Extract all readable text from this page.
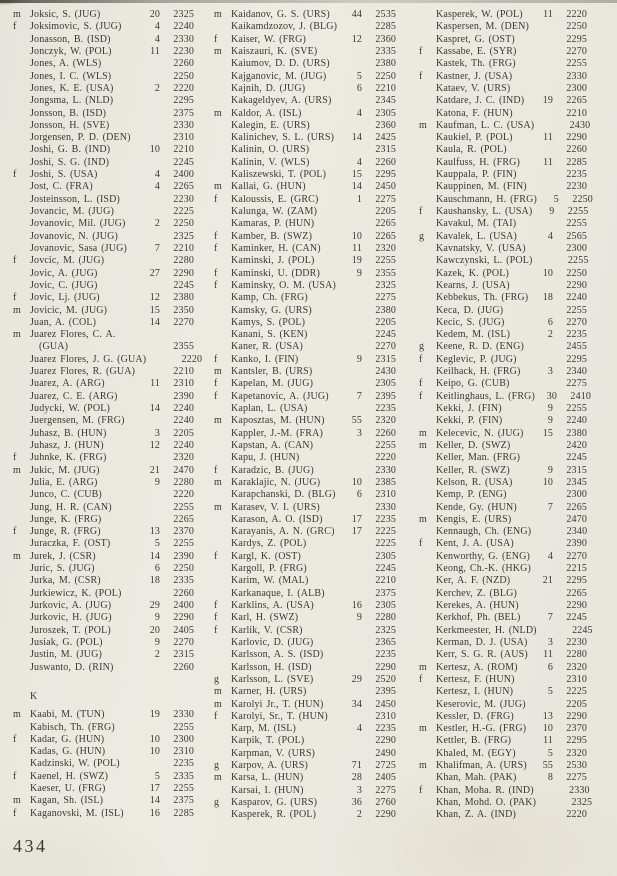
m Joksic, S. (JUG)	20	2325
f	Joksimovic, S. (JUG)	4	2240
Jonasson, B. (ISD)	4	2330
Jonczyk, W. (POL)	11	2230
Jones, A. (WLS)	2260
Jones, I. C. (WLS)	2250
Jones, K. E. (USA)	2	2220
Jongsma, L. (NLD)	2295
Jonsson, B. (ISD)	2375
Jonsson, H. (SVE)	2330
Jorgensen, P. D. (DEN)	2310
Joshi, G. B. (IND)	10	2210
Joshi, S. G. (IND)	2245
f	Joshi, S. (USA)	4	2400
Jost, C. (FRA)	4	2265
Josteinsson, L. (ISD)	2230
Jovancic, M. (JUG)	2225
Jovanovic, Mil. (JUG)	2	2250
Jovanovic, N. (JUG)	2325
Jovanovic, Sasa (JUG)	7	2210
f	Jovcic, M. (JUG)	2280
Jovic, A. (JUG)	27	2290
Jovic, C. (JUG)	2245
f	Jovic, Lj. (JUG)	12	2380
m Jovicic, M. (JUG)	15	2350
Juan, A. (COL)	14	2270
m Juarez Flores, C. A.
(GUA)	2355
Juarez Flores, J. G. (GUA)	2220
Juarez Flores, R. (GUA)	2210
Juarez, A. (ARG)	11	2310
Juarez, C. E. (ARG)	2390
Judycki, W. (POL)	14	2240
Juergensen, M. (FRG)	2240
Juhasz, B. (HUN)	3	2205
Juhasz, J. (HUN)	12	2240
f	Juhnke, K. (FRG)	2320
m Jukic, M. (JUG)	21	2470
Julia, E. (ARG)	9	2280
Junco, C. (CUB)	2220
Jung, H. R. (CAN)	2255
Junge, K. (FRG)	2265
f	Junge, R. (FRG)	13	2370
Juraczka, F. (OST)	5	2255
m Jurek, J. (CSR)	14	2390
Juric, S. (JUG)	6	2250
Jurka, M. (CSR)	18	2335
Jurkiewicz, K. (POL)	2260
Jurkovic, A. (JUG)	29	2400
Jurkovic, H. (JUG)	9	2290
Juroszek, T. (POL)	20	2405
Jusiak, G. (POL)	9	2270
Justin, M. (JUG)	2	2315
Juswanto, D. (RIN)	2260
K
m Kaabi, M. (TUN)	19	2330
Kabisch, Th. (FRG)	2255
f	Kadar, G. (HUN)	10	2300
Kadas, G. (HUN)	10	2310
Kadzinski, W. (POL)	2235
f	Kaenel, H. (SWZ)	5	2335
Kaeser, U. (FRG)	17	2255
m Kagan, Sh. (ISL)	14	2375
f	Kaganovski, M. (ISL)	16	2285
m Kaidanov, G. S. (URS)	44	2535
Kaikamdzozov, J. (BLG)	2285
f	Kaiser, W. (FRG)	12	2360
m Kaiszauri, K. (SVE)	2335
Kaiumov, D. D. (URS)	2380
Kajganovic, M. (JUG)	5	2250
Kajnih, D. (JUG)	6	2210
Kakageldyev, A. (URS)	2345
m Kaldor, A. (ISL)	4	2305
Kalegin, E. (URS)	2360
Kalinichev, S. L. (URS)	14	2425
Kalinin, O. (URS)	2315
Kalinin, V. (WLS)	4	2260
Kaliszewski, T. (POL)	15	2295
m Kallai, G. (HUN)	14	2450
f	Kaloussis, E. (GRC)	1	2275
Kalunga, W. (ZAM)	2205
Kamaras, P. (HUN)	2265
f	Kamber, B. (SWZ)	10	2265
f	Kaminker, H. (CAN)	11	2320
Kaminski, J. (POL)	19	2255
f	Kaminski, U. (DDR)	9	2355
f	Kaminsky, O. M. (USA)	2325
Kamp, Ch. (FRG)	2275
Kamsky, G. (URS)	2380
Kamys, S. (POL)	2205
Kanani, S. (KEN)	2245
Kaner, R. (USA)	2270
f	Kanko, I. (FIN)	9	2315
m Kantsler, B. (URS)	2430
f	Kapelan, M. (JUG)	2305
f	Kapetanovic, A. (JUG)	7	2395
Kaplan, L. (USA)	2235
m Kaposztas, M. (HUN)	55	2320
Kappler, J.-M. (FRA)	3	2260
Kapstan, A. (CAN)	2255
Kapu, J. (HUN)	2220
f	Karadzic, B. (JUG)	2330
m Karaklajic, N. (JUG)	10	2385
Karapchanski, D. (BLG)	6	2310
m Karasev, V. I. (URS)	2330
Karason, A. O. (ISD)	17	2235
Karayanis, A. N. (GRC)	17	2225
Kardys, Z. (POL)	2225
f	Kargl, K. (OST)	2305
Kargoll, P. (FRG)	2245
Karim, W. (MAL)	2210
Karkanaque, I. (ALB)	2375
f	Karklins, A. (USA)	16	2305
f	Karl, H. (SWZ)	9	2280
f	Karlik, V. (CSR)	2325
Karlovic, D. (JUG)	2365
Karlsson, A. S. (ISD)	2235
Karlsson, H. (ISD)	2290
g	Karlsson, L. (SVE)	29	2520
m Karner, H. (URS)	2395
m Karolyi Jr., T. (HUN)	34	2450
f	Karolyi, Sr., T. (HUN)	2310
Karp, M. (ISL)	4	2235
Karpik, T. (POL)	2290
Karpman, V. (URS)	2490
g	Karpov, A. (URS)	71	2725
m Karsa, L. (HUN)	28	2405
Karsai, I. (HUN)	3	2275
g	Kasparov, G. (URS)	36	2760
Kasperek, R. (POL)	2	2290
Kasperek, W. (POL)	11	2220
Kaspersen, M. (DEN)	2250
Kaspret, G. (OST)	2295
f	Kassabe, E. (SYR)	2270
Kastek, Th. (FRG)	2255
f	Kastner, J. (USA)	2330
Kataev, V. (URS)	2300
Katdare, J. C. (IND)	19	2265
Katona, F. (HUN)	2210
m Kaufman, L. C. (USA)	2430
Kaukiel, P. (POL)	11	2290
Kaula, R. (POL)	2260
Kaulfuss, H. (FRG)	11	2285
Kauppala, P. (FIN)	2235
Kauppinen, M. (FIN)	2230
Kauschmann, H. (FRG)	5	2250
f	Kaushansky, L. (USA)	9	2255
Kavakul, M. (TAI)	2255
g	Kavalek, L. (USA)	4	2565
Kavnatsky, V. (USA)	2300
Kawczynski, L. (POL)	2255
Kazek, K. (POL)	10	2250
Kearns, J. (USA)	2290
Kebbekus, Th. (FRG)	18	2240
Keca, D. (JUG)	2255
Kecic, S. (JUG)	6	2270
Kedem, M. (ISL)	2	2235
g	Keene, R. D. (ENG)	2455
f	Keglevic, P. (JUG)	2295
Keilhack, H. (FRG)	3	2340
f	Keipo, G. (CUB)	2275
f	Keitlinghaus, L. (FRG)	30	2410
Kekki, J. (FIN)	9	2255
Kekki, P. (FIN)	9	2240
m Kelecevic, N. (JUG)	15	2380
m Keller, D. (SWZ)	2420
Keller, Man. (FRG)	2245
Keller, R. (SWZ)	9	2315
Kelson, R. (USA)	10	2345
Kemp, P. (ENG)	2300
Kende, Gy. (HUN)	7	2265
m Kengis, E. (URS)	2470
Kennaugh, Ch. (ENG)	2340
f	Kent, J. A. (USA)	2390
Kenworthy, G. (ENG)	4	2270
Keong, Ch.-K. (HKG)	2215
Ker, A. F. (NZD)	21	2295
Kerchev, Z. (BLG)	2265
Kerekes, A. (HUN)	2290
Kerkhof, Ph. (BEL)	7	2245
Kerkmeester, H. (NLD)	2245
Kerman, D. J. (USA)	3	2230
Kerr, S. G. R. (AUS)	11	2280
m Kertesz, A. (ROM)	6	2320
f	Kertesz, F. (HUN)	2310
Kertesz, I. (HUN)	5	2225
Keserovic, M. (JUG)	2205
Kessler, D. (FRG)	13	2290
m Kestler, H.-G. (FRG)	10	2370
Kettler, B. (FRG)	11	2295
Khaled, M. (EGY)	5	2320
m Khalifman, A. (URS)	55	2530
Khan, Mah. (PAK)	8	2275
f	Khan, Moha. R. (IND)	2330
Khan, Mohd. O. (PAK)	2325
Khan, Z. A. (IND)	2220
434
